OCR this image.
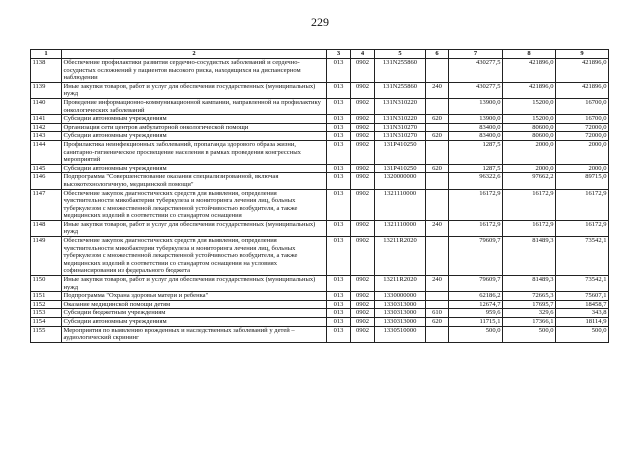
229
1	2	3	4	5	6	7	8	9
1138	Обеспечение профилактики развития сердечно-сосудистых заболеваний и сердечно-сосудистых осложнений у пациентов высокого риска, находящихся на диспансерном наблюдении	013	0902	131N255860		430277,5	421896,0	421896,0
1139	Иные закупки товаров, работ и услуг для обеспечения государственных (муниципальных) нужд	013	0902	131N255860	240	430277,5	421896,0	421896,0
1140	Проведение информационно-коммуникационной кампании, направленной на профилактику онкологических заболеваний	013	0902	131N310220		13900,0	15200,0	16700,0
1141	Субсидии автономным учреждениям	013	0902	131N310220	620	13900,0	15200,0	16700,0
1142	Организация сети центров амбулаторной онкологической помощи	013	0902	131N310270		83400,0	80600,0	72000,0
1143	Субсидии автономным учреждениям	013	0902	131N310270	620	83400,0	80600,0	72000,0
1144	Профилактика неинфекционных заболеваний, пропаганда здорового образа жизни, санитарно-гигиеническое просвещение населения в рамках проведения конгрессных мероприятий	013	0902	131P410250		1287,5	2000,0	2000,0
1145	Субсидии автономным учреждениям	013	0902	131P410250	620	1287,5	2000,0	2000,0
1146	Подпрограмма "Совершенствование оказания специализированной, включая высокотехнологичную, медицинской помощи"	013	0902	1320000000		96322,6	97662,2	89715,0
1147	Обеспечение закупок диагностических средств для выявления, определения чувствительности микобактерии туберкулеза и мониторинга лечения лиц, больных туберкулезом с множественной лекарственной устойчивостью возбудителя, а также медицинских изделий в соответствии со стандартом оснащения	013	0902	1321110000		16172,9	16172,9	16172,9
1148	Иные закупки товаров, работ и услуг для обеспечения государственных (муниципальных) нужд	013	0902	1321110000	240	16172,9	16172,9	16172,9
1149	Обеспечение закупок диагностических средств для выявления, определения чувствительности микобактерии туберкулеза и мониторинга лечения лиц, больных туберкулезом с множественной лекарственной устойчивостью возбудителя, а также медицинских изделий в соответствии со стандартом оснащения на условиях софинансирования из федерального бюджета	013	0902	13211R2020		79609,7	81489,3	73542,1
1150	Иные закупки товаров, работ и услуг для обеспечения государственных (муниципальных) нужд	013	0902	13211R2020	240	79609,7	81489,3	73542,1
1151	Подпрограмма "Охрана здоровья матери и ребенка"	013	0902	1330000000		62186,2	72665,3	75607,1
1152	Оказание медицинской помощи детям	013	0902	1330313000		12674,7	17695,7	18458,7
1153	Субсидии бюджетным учреждениям	013	0902	1330313000	610	959,6	329,6	343,8
1154	Субсидии автономным учреждениям	013	0902	1330313000	620	11715,1	17366,1	18114,9
1155	Мероприятия по выявлению врожденных и наследственных заболеваний у детей – аудиологический скрининг	013	0902	1330510000		500,0	500,0	500,0
